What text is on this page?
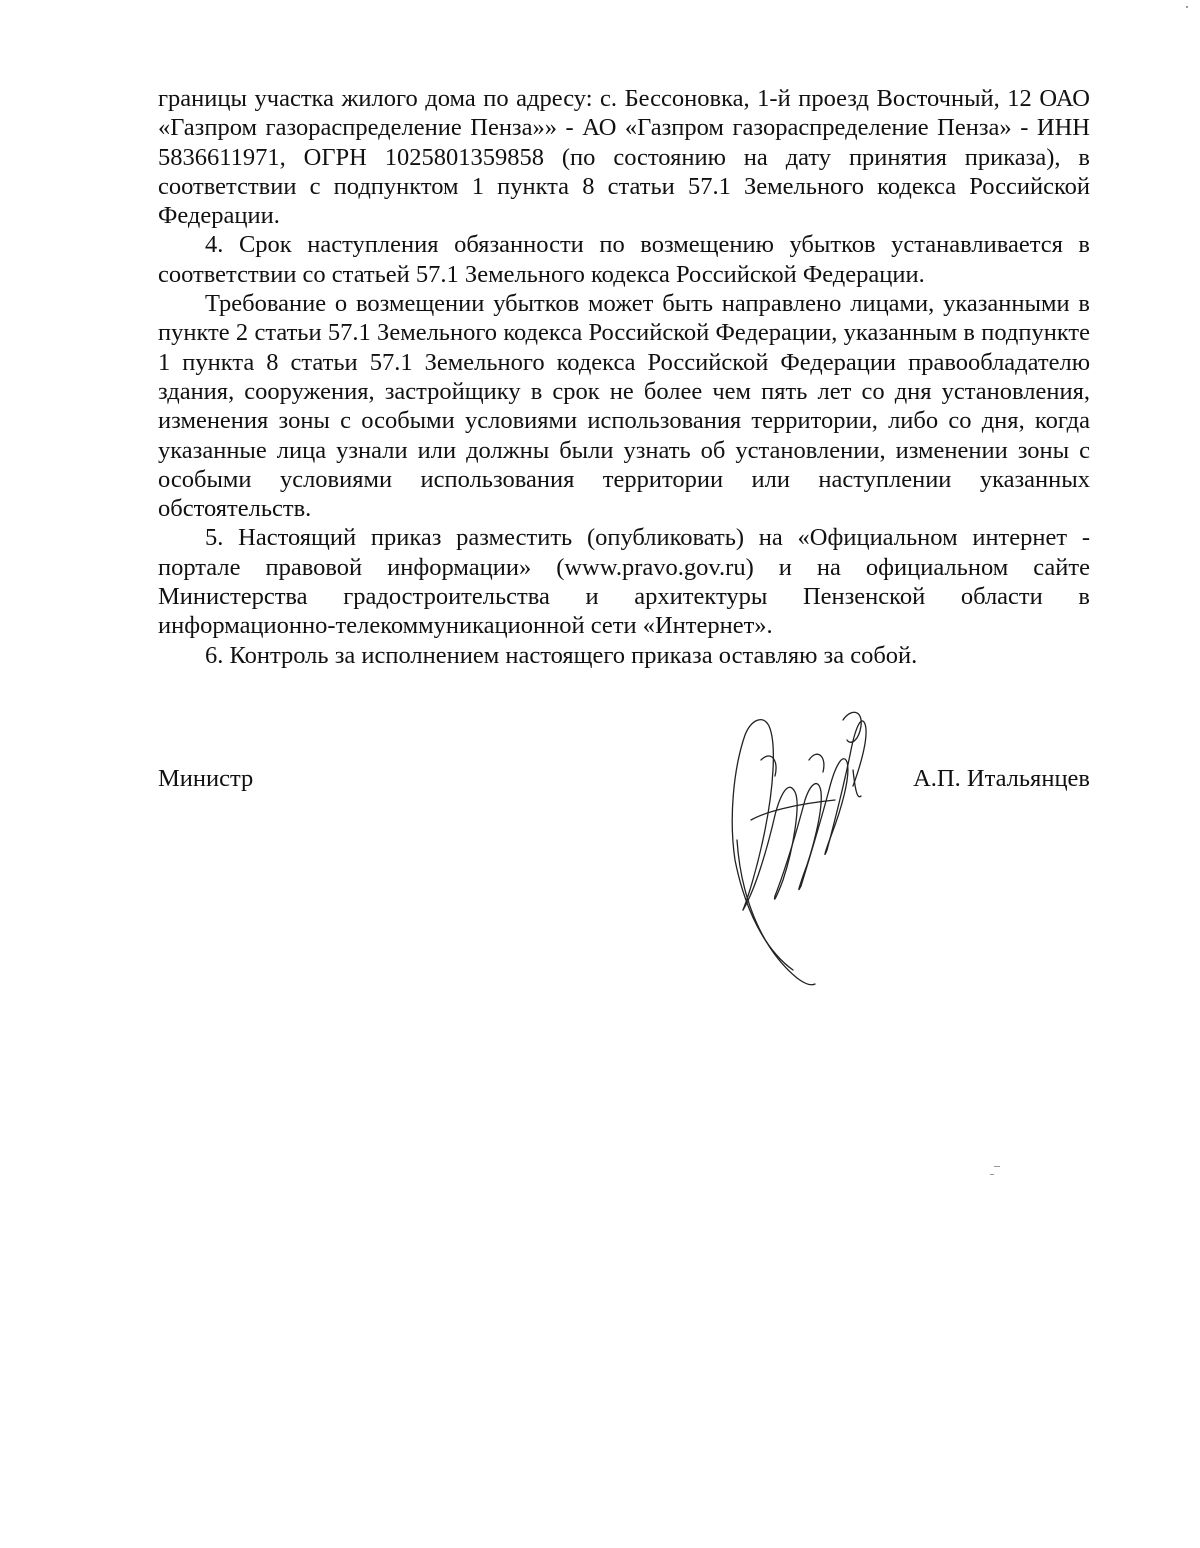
границы участка жилого дома по адресу: с. Бессоновка, 1-й проезд Восточный, 12 ОАО «Газпром газораспределение Пенза»» - АО «Газпром газораспределение Пенза» - ИНН 5836611971, ОГРН 1025801359858 (по состоянию на дату принятия приказа), в соответствии с подпунктом 1 пункта 8 статьи 57.1 Земельного кодекса Российской Федерации.

4. Срок наступления обязанности по возмещению убытков устанавливается в соответствии со статьей 57.1 Земельного кодекса Российской Федерации.

Требование о возмещении убытков может быть направлено лицами, указанными в пункте 2 статьи 57.1 Земельного кодекса Российской Федерации, указанным в подпункте 1 пункта 8 статьи 57.1 Земельного кодекса Российской Федерации правообладателю здания, сооружения, застройщику в срок не более чем пять лет со дня установления, изменения зоны с особыми условиями использования территории, либо со дня, когда указанные лица узнали или должны были узнать об установлении, изменении зоны с особыми условиями использования территории или наступлении указанных обстоятельств.

5. Настоящий приказ разместить (опубликовать) на «Официальном интернет - портале правовой информации» (www.pravo.gov.ru) и на официальном сайте Министерства градостроительства и архитектуры Пензенской области в информационно-телекоммуникационной сети «Интернет».

6. Контроль за исполнением настоящего приказа оставляю за собой.

Министр	А.П. Итальянцев
